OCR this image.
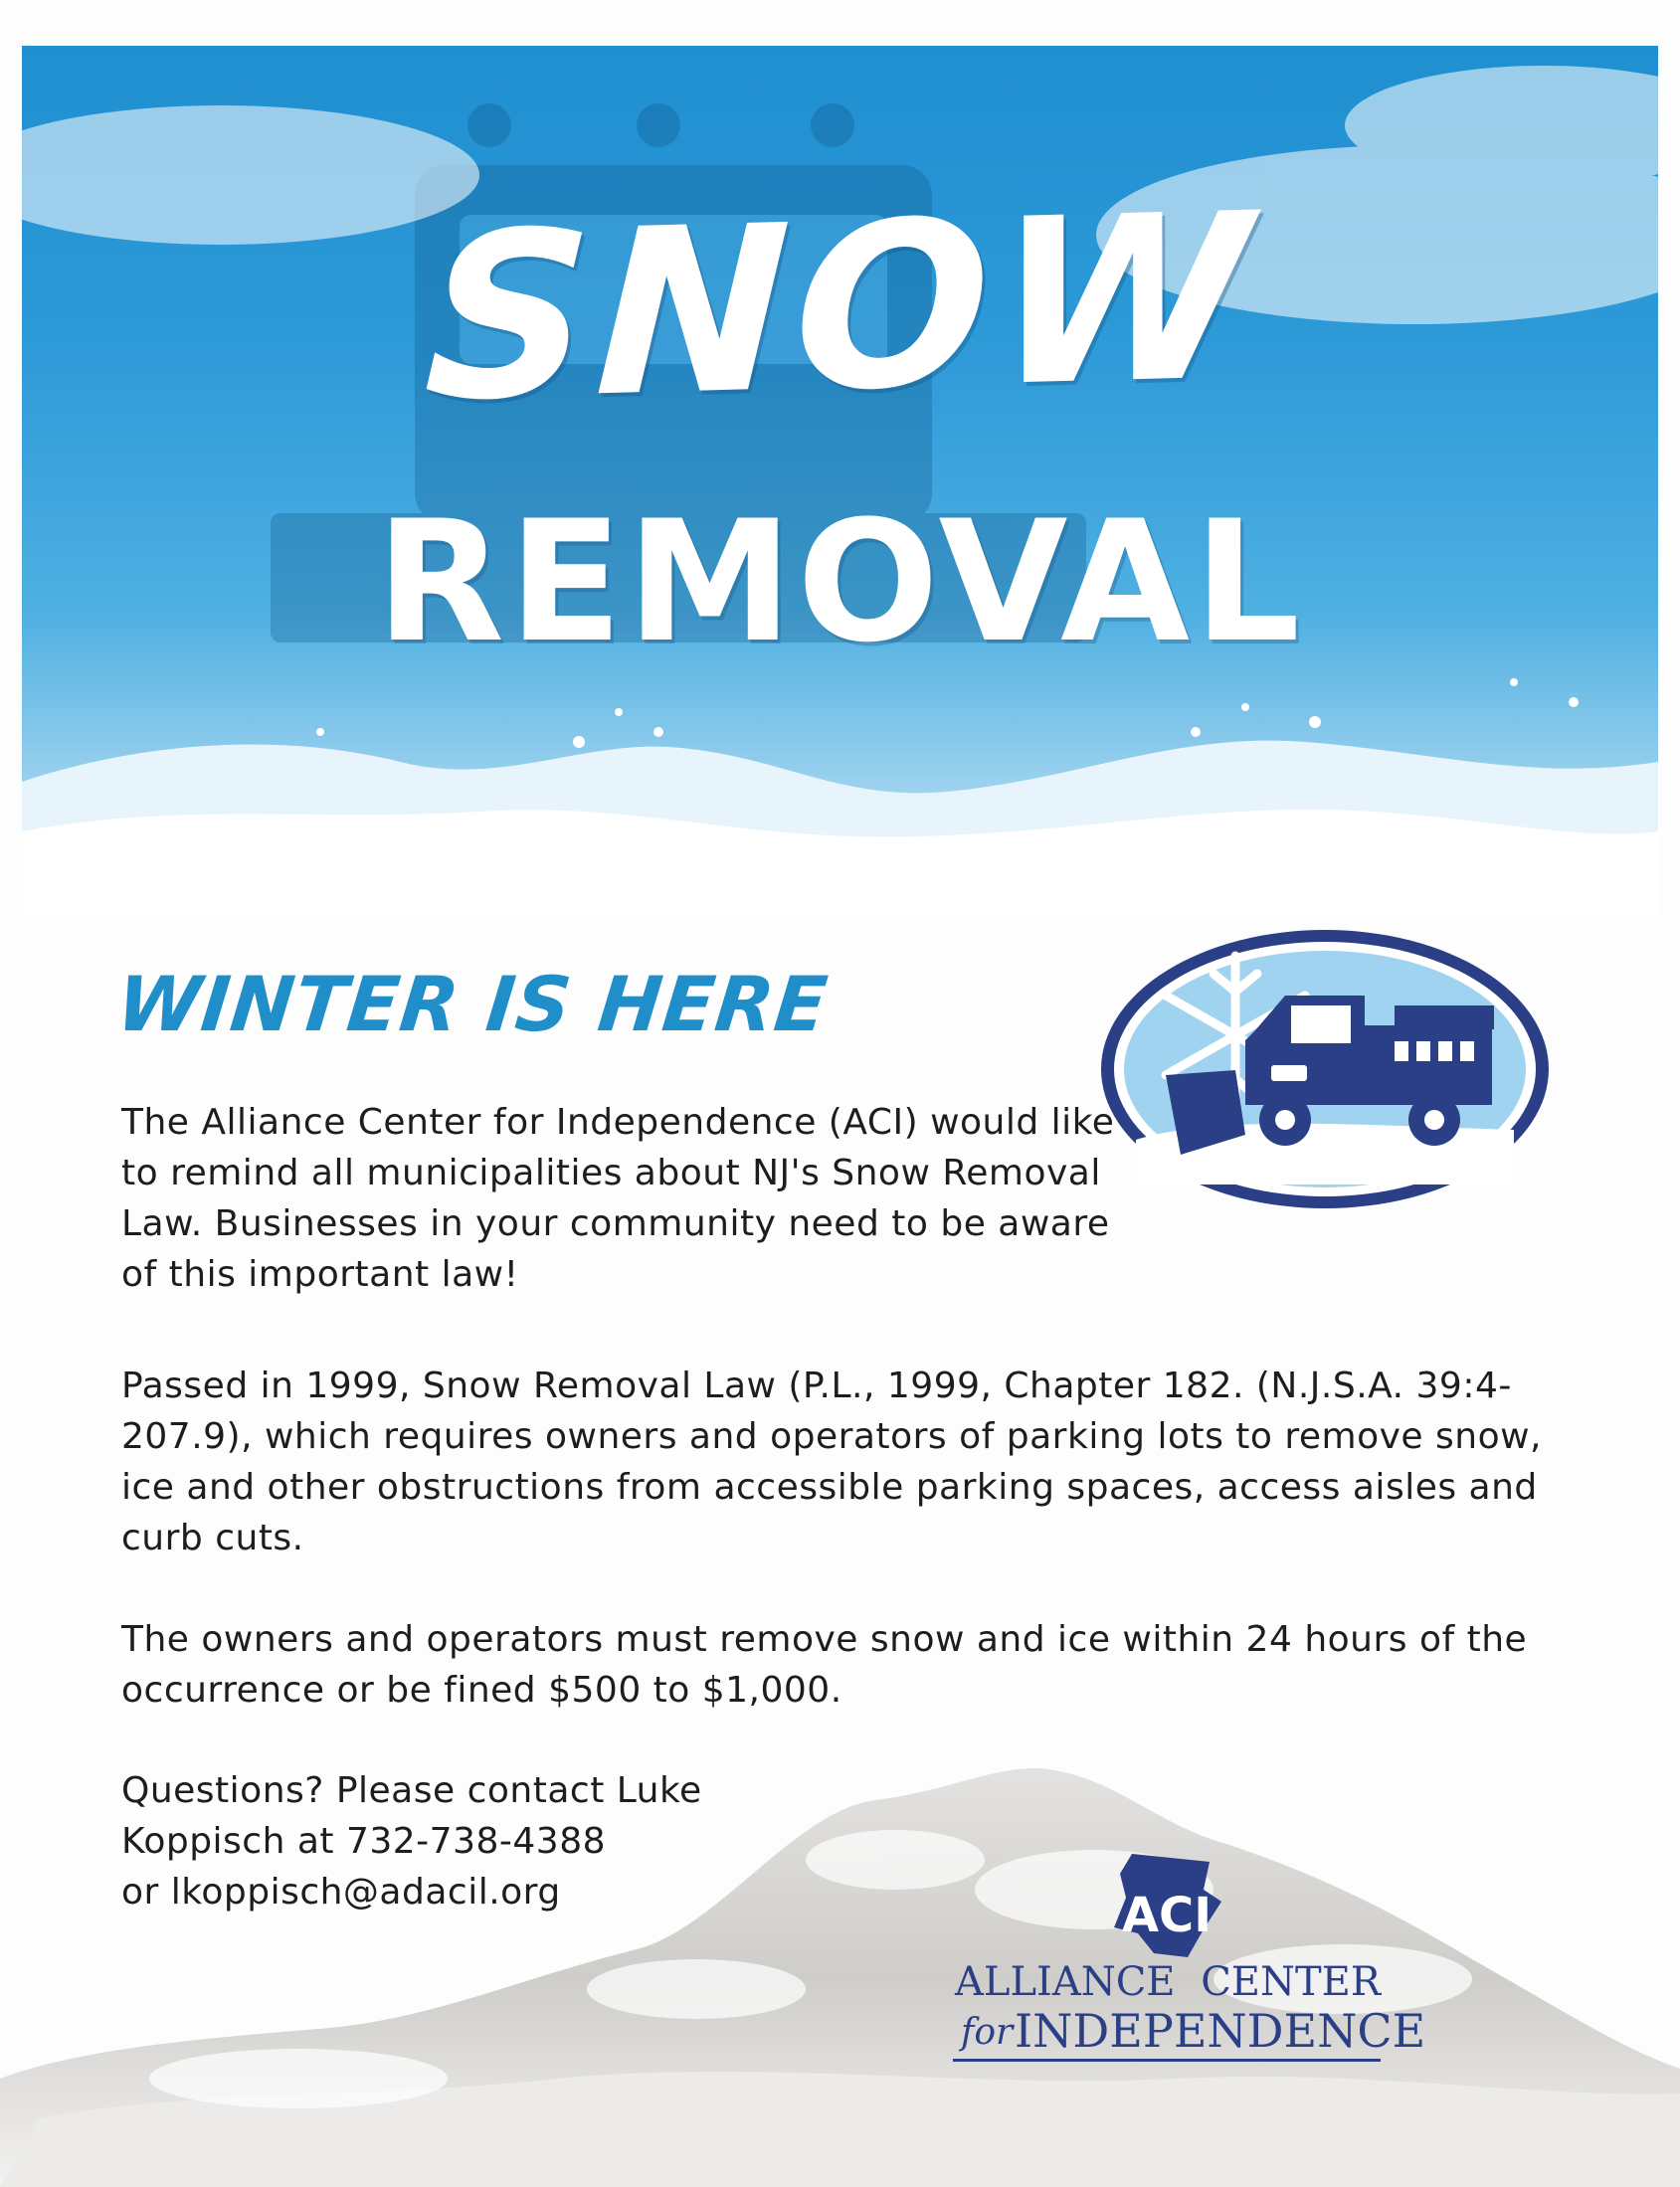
SNOW
REMOVAL
WINTER IS HERE

The Alliance Center for Independence (ACI) would like to remind all municipalities about NJ's Snow Removal Law. Businesses in your community need to be aware of this important law!

Passed in 1999, Snow Removal Law (P.L., 1999, Chapter 182. (N.J.S.A. 39:4-207.9), which requires owners and operators of parking lots to remove snow, ice and other obstructions from accessible parking spaces, access aisles and curb cuts.

The owners and operators must remove snow and ice within 24 hours of the occurrence or be fined $500 to $1,000.

Questions? Please contact Luke
Koppisch at 732-738-4388
or lkoppisch@adacil.org	ACI
ALLIANCE CENTER
for INDEPENDENCE
